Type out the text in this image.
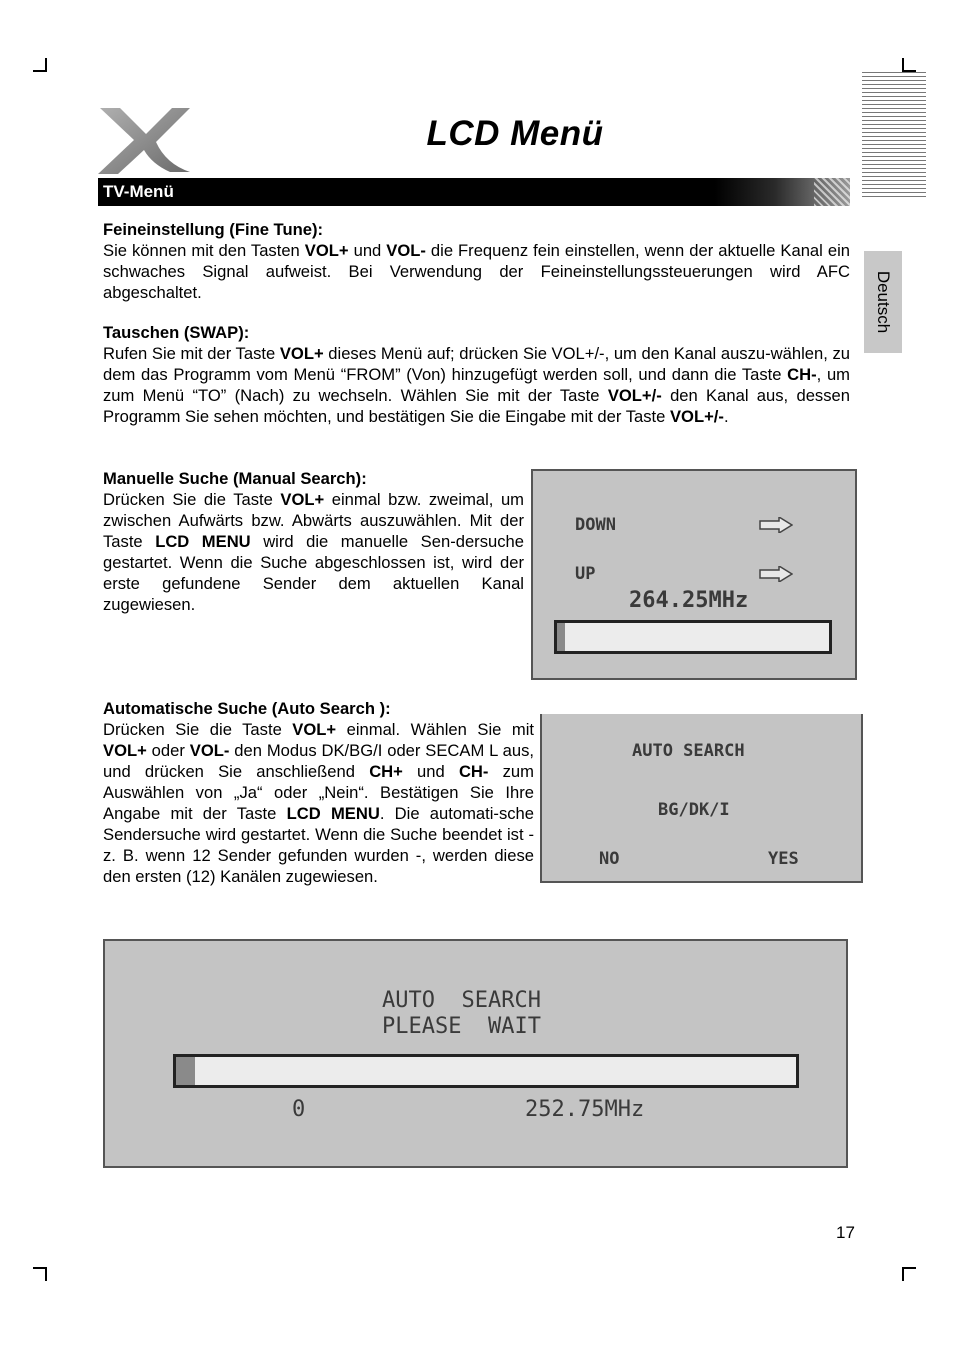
LCD Menü
Deutsch
TV-Menü
Feineinstellung (Fine Tune):

Sie können mit den Tasten VOL+ und VOL- die Frequenz fein einstellen, wenn der aktuelle Kanal ein schwaches Signal aufweist. Bei Verwendung der Feineinstellungssteuerungen wird AFC abgeschaltet.

Tauschen (SWAP):

Rufen Sie mit der Taste VOL+ dieses Menü auf; drücken Sie VOL+/-, um den Kanal auszu-wählen, zu dem das Programm vom Menü “FROM” (Von) hinzugefügt werden soll, und dann die Taste CH-, um zum Menü “TO” (Nach) zu wechseln. Wählen Sie mit der Taste VOL+/- den Kanal aus, dessen Programm Sie sehen möchten, und bestätigen Sie die Eingabe mit der Taste VOL+/-.

Manuelle Suche (Manual Search):

Drücken Sie die Taste VOL+ einmal bzw. zweimal, um zwischen Aufwärts bzw. Abwärts auszuwählen. Mit der Taste LCD MENU wird die manuelle Sen-dersuche gestartet. Wenn die Suche abgeschlossen ist, wird der erste gefundene Sender dem aktuellen Kanal zugewiesen.

DOWN
UP
264.25MHz
Automatische Suche (Auto Search ):

Drücken Sie die Taste VOL+ einmal. Wählen Sie mit VOL+ oder VOL- den Modus DK/BG/I oder SECAM L aus, und drücken Sie anschließend CH+ und CH- zum Auswählen von „Ja“ oder „Nein“. Bestätigen Sie Ihre Angabe mit der Taste LCD MENU. Die automati-sche Sendersuche wird gestartet. Wenn die Suche beendet ist - z. B. wenn 12 Sender gefunden wurden -, werden diese den ersten (12) Kanälen zugewiesen.

AUTO SEARCH
BG/DK/I
NO	YES
AUTO  SEARCH
PLEASE  WAIT
0	252.75MHz
17
